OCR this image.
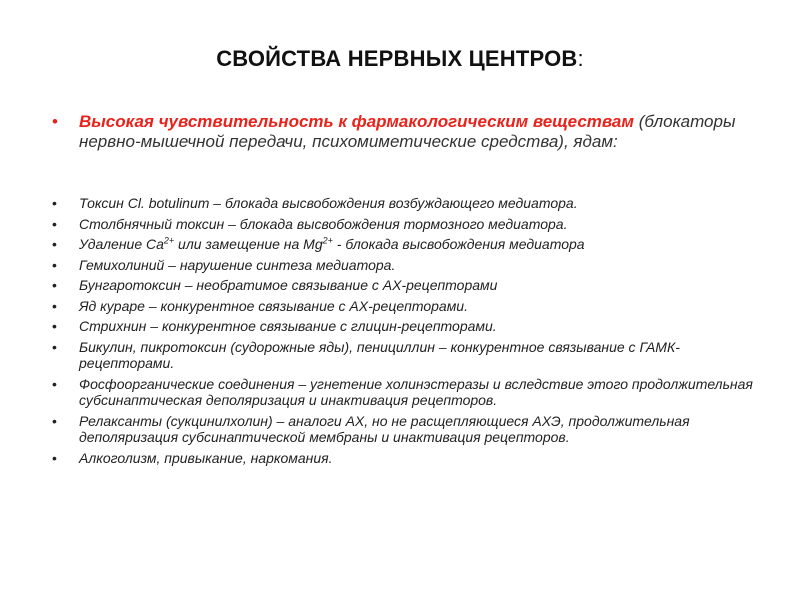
СВОЙСТВА НЕРВНЫХ ЦЕНТРОВ:
• Высокая чувствительность к фармакологическим веществам (блокаторы нервно-мышечной передачи, психомиметические средства), ядам:
• Токсин Cl. botulinum – блокада высвобождения возбуждающего медиатора.
• Столбнячный токсин – блокада высвобождения тормозного медиатора.
• Удаление $Ca^{2+}$ или замещение на $Mg^{2+}$ - блокада высвобождения медиатора
• Гемихолиний – нарушение синтеза медиатора.
• Бунгаротоксин – необратимое связывание с АХ-рецепторами
• Яд кураре – конкурентное связывание с АХ-рецепторами.
• Стрихнин – конкурентное связывание с глицин-рецепторами.
• Бикулин, пикротоксин (судорожные яды), пенициллин – конкурентное связывание с ГАМК-рецепторами.
• Фосфоорганические соединения – угнетение холинэстеразы и вследствие этого продолжительная субсинаптическая деполяризация и инактивация рецепторов.
• Релаксанты (сукцинилхолин) – аналоги АХ, но не расщепляющиеся АХЭ, продолжительная деполяризация субсинаптической мембраны и инактивация рецепторов.
• Алкоголизм, привыкание, наркомания.
